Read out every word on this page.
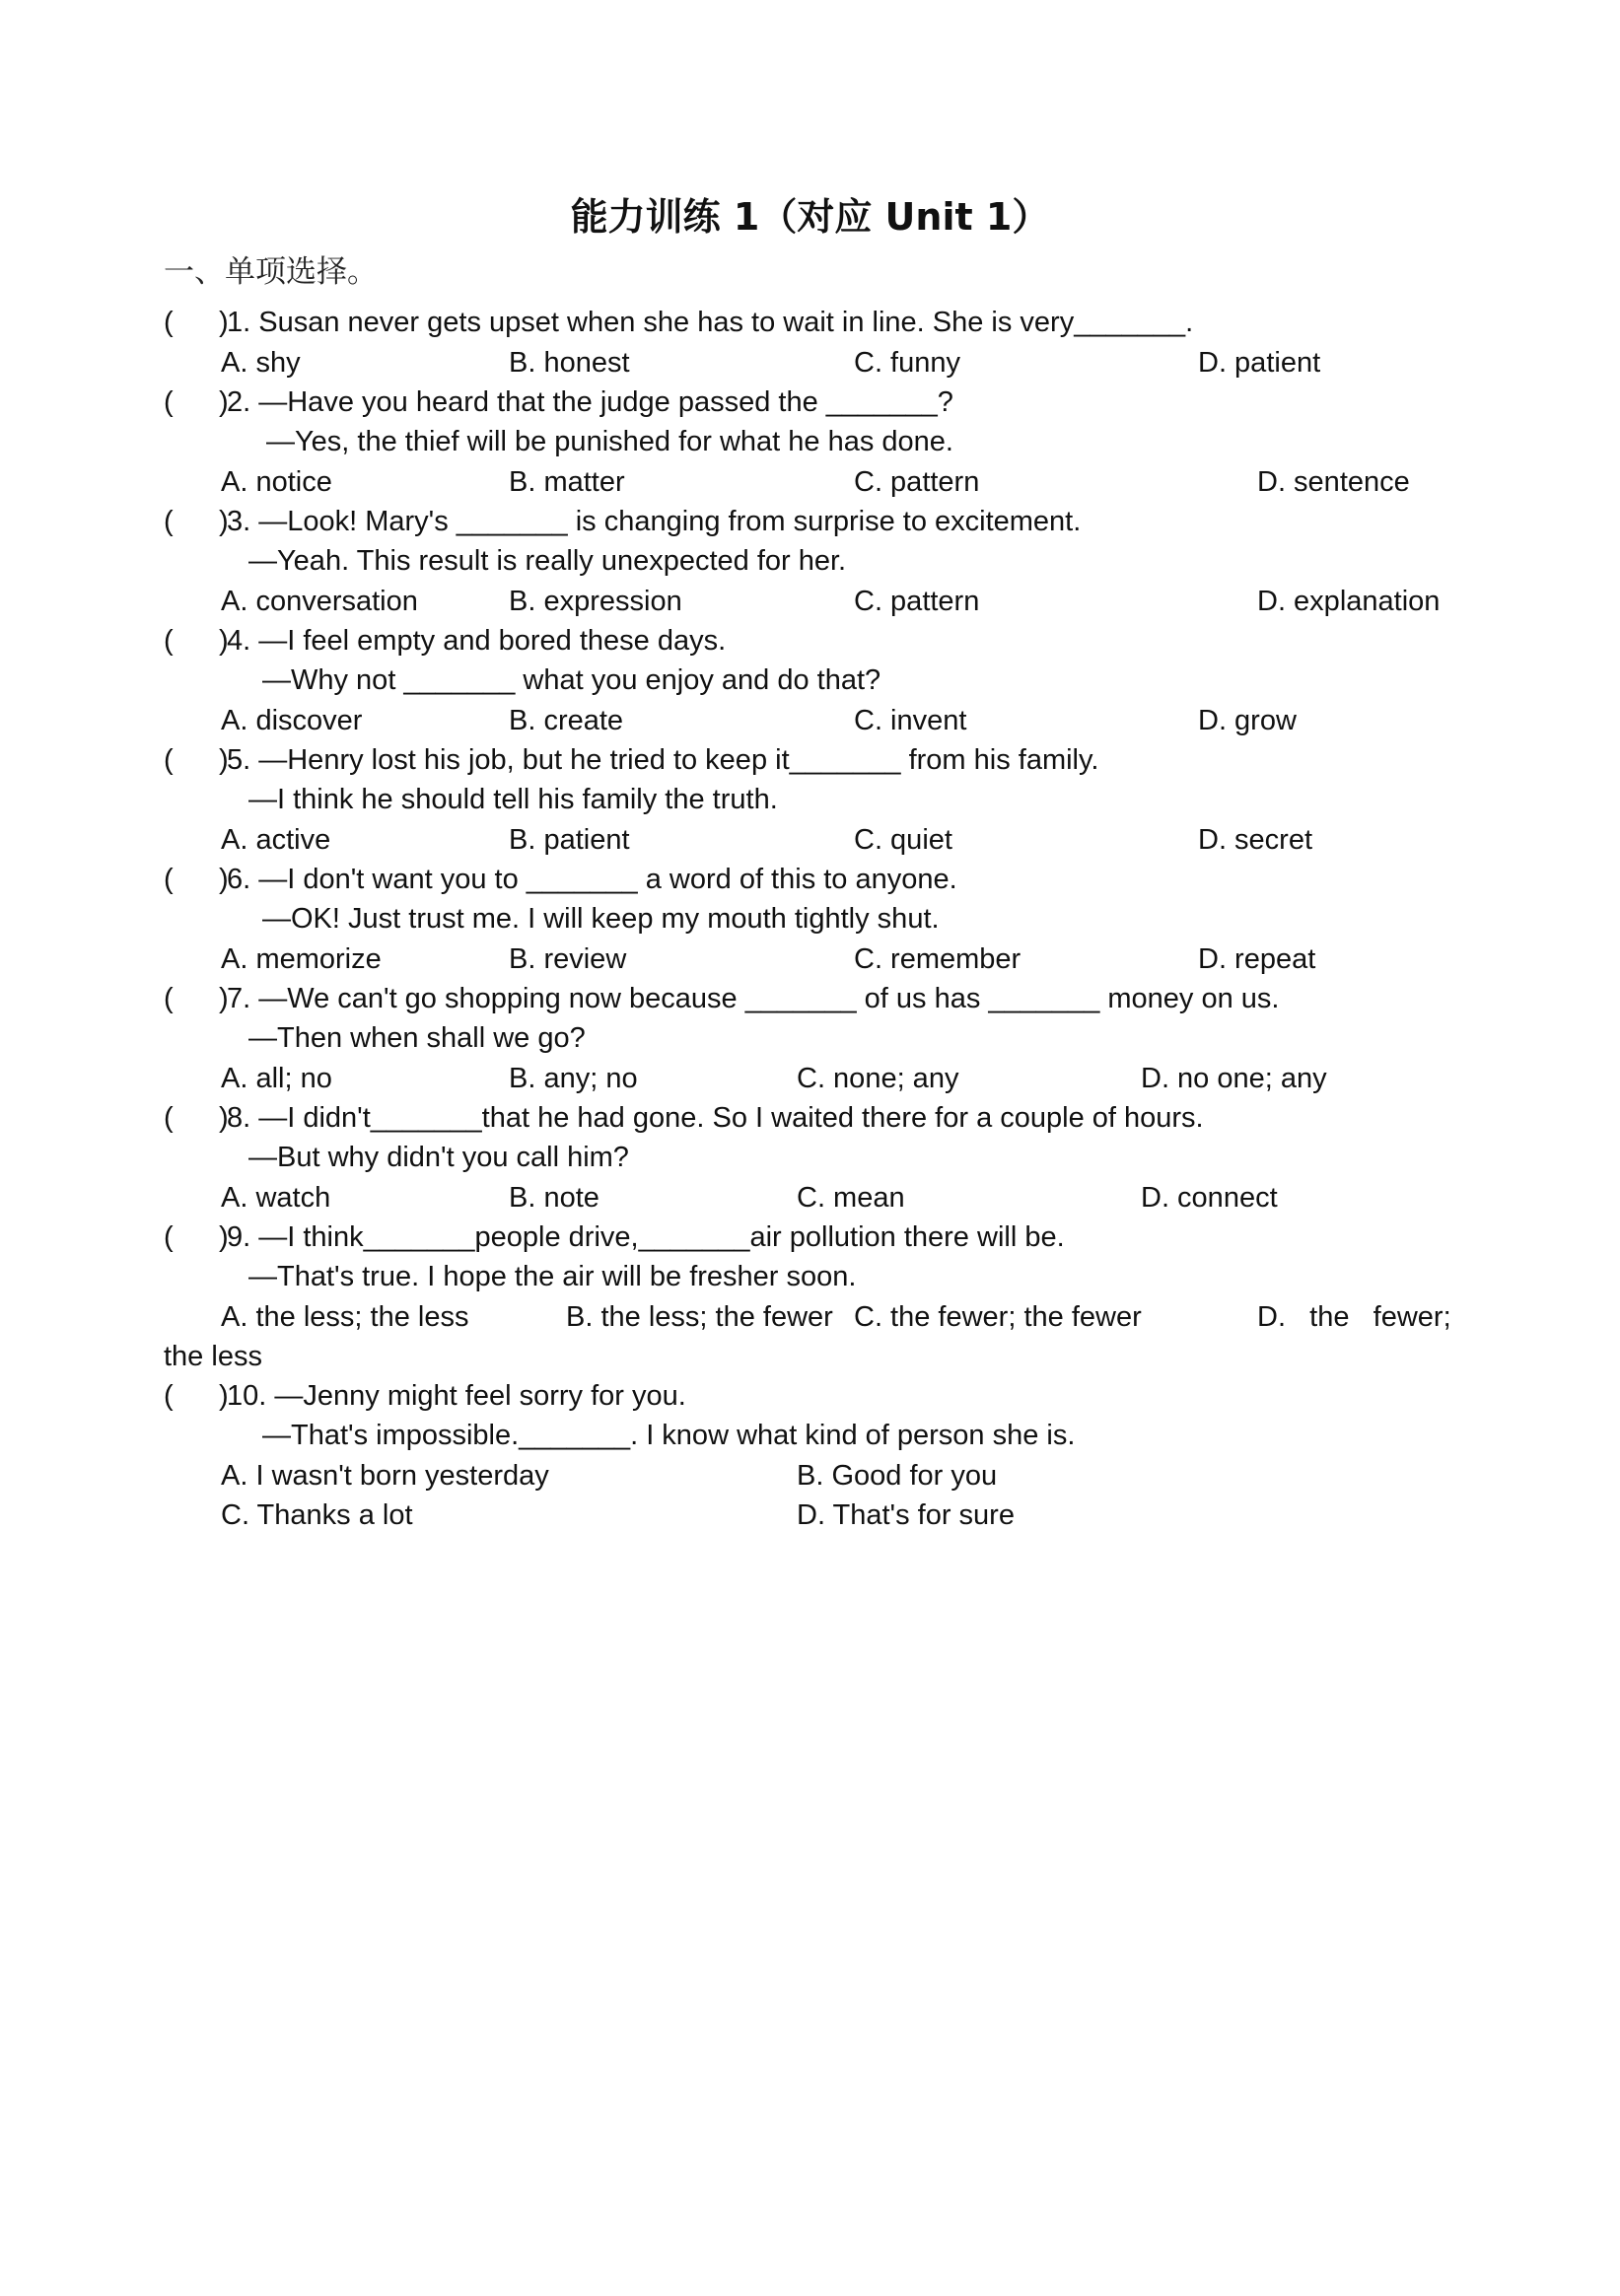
能力训练 1（对应 Unit 1）
一、单项选择。
( )
1. Susan never gets upset when she has to wait in line. She is very_______.
A. shy	B. honest	C. funny	D. patient
( )
2. —Have you heard that the judge passed the _______?
—Yes, the thief will be punished for what he has done.
A. notice	B. matter	C. pattern	D. sentence
( )
3. —Look! Mary's _______ is changing from surprise to excitement.
—Yeah. This result is really unexpected for her.
A. conversation	B. expression	C. pattern	D. explanation
( )
4. —I feel empty and bored these days.
—Why not _______ what you enjoy and do that?
A. discover	B. create	C. invent	D. grow
( )
5. —Henry lost his job, but he tried to keep it_______ from his family.
—I think he should tell his family the truth.
A. active	B. patient	C. quiet	D. secret
( )
6. —I don't want you to _______ a word of this to anyone.
—OK! Just trust me. I will keep my mouth tightly shut.
A. memorize	B. review	C. remember	D. repeat
( )
7. —We can't go shopping now because _______ of us has _______ money on us.
—Then when shall we go?
A. all; no	B. any; no	C. none; any	D. no one; any
( )
8. —I didn't_______that he had gone. So I waited there for a couple of hours.
—But why didn't you call him?
A. watch	B. note	C. mean	D. connect
( )
9. —I think_______people drive,_______air pollution there will be.
—That's true. I hope the air will be fresher soon.
A. the less; the less	B. the less; the fewer C. the fewer; the fewer	D.   the   fewer;
the less
( )
10. —Jenny might feel sorry for you.
—That's impossible._______. I know what kind of person she is.
A. I wasn't born yesterday	B. Good for you
C. Thanks a lot	D. That's for sure
